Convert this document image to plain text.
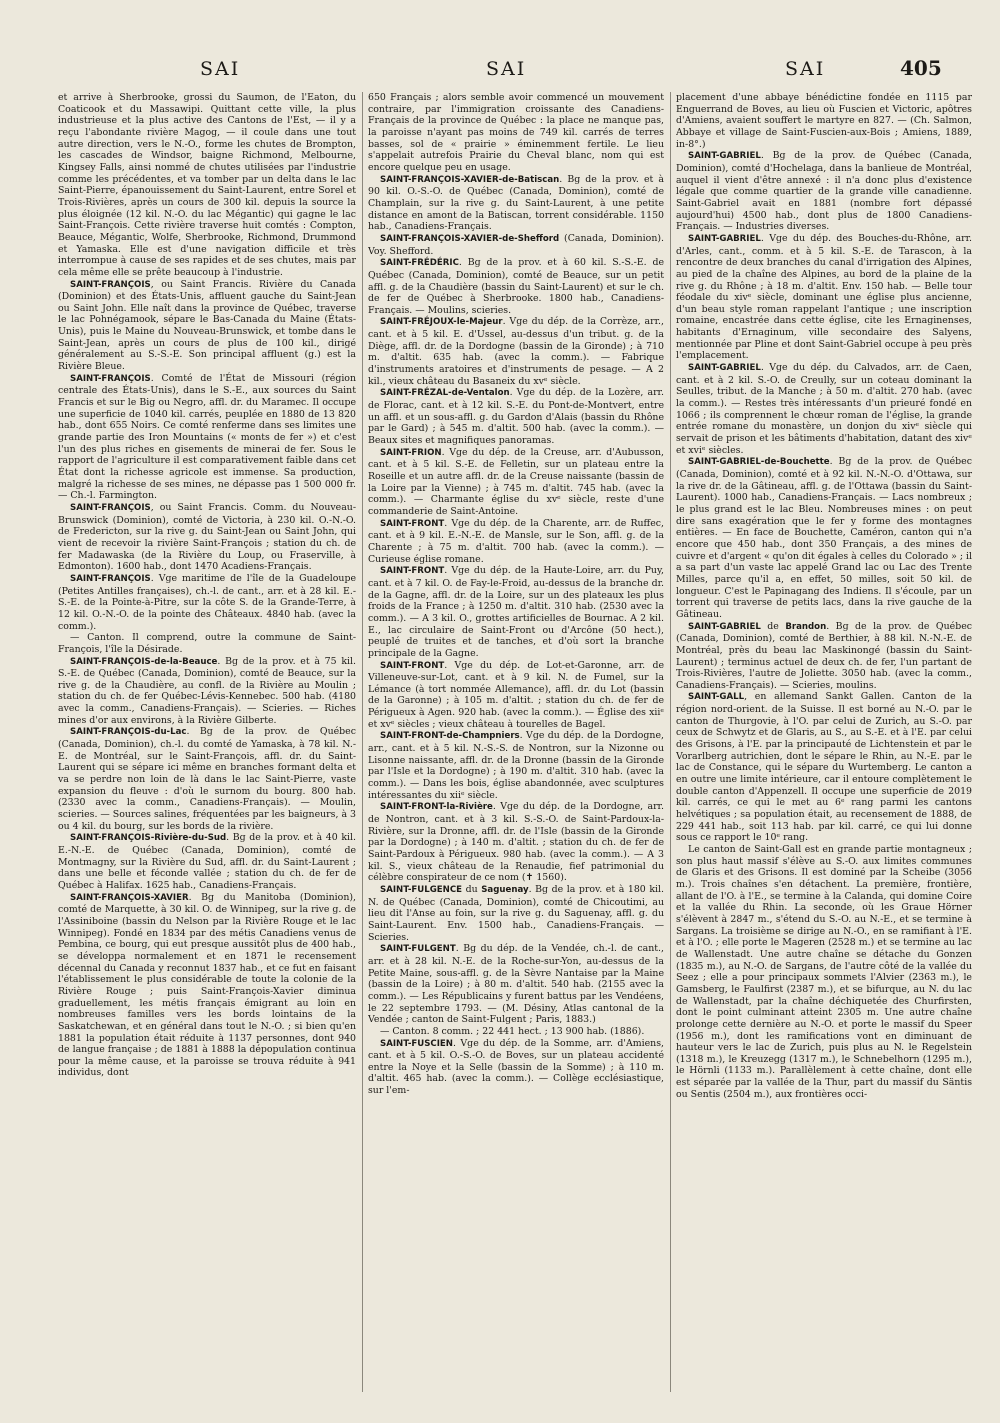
SAI	SAI	SAI	405

et arrive à Sherbrooke, grossi du Saumon, de l'Eaton, du Coaticook et du Massawipi. Quittant cette ville, la plus industrieuse et la plus active des Cantons de l'Est, — il y a reçu l'abondante rivière Magog, — il coule dans une tout autre direction, vers le N.-O., forme les chutes de Brompton, les cascades de Windsor, baigne Richmond, Melbourne, Kingsey Falls, ainsi nommé de chutes utilisées par l'industrie comme les précédentes, et va tomber par un delta dans le lac Saint-Pierre, épanouissement du Saint-Laurent, entre Sorel et Trois-Rivières, après un cours de 300 kil. depuis la source la plus éloignée (12 kil. N.-O. du lac Mégantic) qui gagne le lac Saint-François. Cette rivière traverse huit comtés : Compton, Beauce, Mégantic, Wolfe, Sherbrooke, Richmond, Drummond et Yamaska. Elle est d'une navigation difficile et très interrompue à cause de ses rapides et de ses chutes, mais par cela même elle se prête beaucoup à l'industrie.

SAINT-FRANÇOIS, ou Saint Francis. Rivière du Canada (Dominion) et des États-Unis, affluent gauche du Saint-Jean ou Saint John. Elle naît dans la province de Québec, traverse le lac Pohnégamook, sépare le Bas-Canada du Maine (États-Unis), puis le Maine du Nouveau-Brunswick, et tombe dans le Saint-Jean, après un cours de plus de 100 kil., dirigé généralement au S.-S.-E. Son principal affluent (g.) est la Rivière Bleue.

SAINT-FRANÇOIS. Comté de l'État de Missouri (région centrale des États-Unis), dans le S.-E., aux sources du Saint Francis et sur le Big ou Negro, affl. dr. du Maramec. Il occupe une superficie de 1040 kil. carrés, peuplée en 1880 de 13 820 hab., dont 655 Noirs. Ce comté renferme dans ses limites une grande partie des Iron Mountains (« monts de fer ») et c'est l'un des plus riches en gisements de minerai de fer. Sous le rapport de l'agriculture il est comparativement faible dans cet État dont la richesse agricole est immense. Sa production, malgré la richesse de ses mines, ne dépasse pas 1 500 000 fr. — Ch.-l. Farmington.

SAINT-FRANÇOIS, ou Saint Francis. Comm. du Nouveau-Brunswick (Dominion), comté de Victoria, à 230 kil. O.-N.-O. de Fredericton, sur la rive g. du Saint-Jean ou Saint John, qui vient de recevoir la rivière Saint-François ; station du ch. de fer Madawaska (de la Rivière du Loup, ou Fraserville, à Edmonton). 1600 hab., dont 1470 Acadiens-Français.

SAINT-FRANÇOIS. Vge maritime de l'île de la Guadeloupe (Petites Antilles françaises), ch.-l. de cant., arr. et à 28 kil. E.-S.-E. de la Pointe-à-Pitre, sur la côte S. de la Grande-Terre, à 12 kil. O.-N.-O. de la pointe des Châteaux. 4840 hab. (avec la comm.).

— Canton. Il comprend, outre la commune de Saint-François, l'île la Désirade.

SAINT-FRANÇOIS-de-la-Beauce. Bg de la prov. et à 75 kil. S.-E. de Québec (Canada, Dominion), comté de Beauce, sur la rive g. de la Chaudière, au confl. de la Rivière au Moulin ; station du ch. de fer Québec-Lévis-Kennebec. 500 hab. (4180 avec la comm., Canadiens-Français). — Scieries. — Riches mines d'or aux environs, à la Rivière Gilberte.

SAINT-FRANÇOIS-du-Lac. Bg de la prov. de Québec (Canada, Dominion), ch.-l. du comté de Yamaska, à 78 kil. N.-E. de Montréal, sur le Saint-François, affl. dr. du Saint-Laurent qui se sépare ici même en branches formant delta et va se perdre non loin de là dans le lac Saint-Pierre, vaste expansion du fleuve : d'où le surnom du bourg. 800 hab. (2330 avec la comm., Canadiens-Français). — Moulin, scieries. — Sources salines, fréquentées par les baigneurs, à 3 ou 4 kil. du bourg, sur les bords de la rivière.

SAINT-FRANÇOIS-Rivière-du-Sud. Bg de la prov. et à 40 kil. E.-N.-E. de Québec (Canada, Dominion), comté de Montmagny, sur la Rivière du Sud, affl. dr. du Saint-Laurent ; dans une belle et féconde vallée ; station du ch. de fer de Québec à Halifax. 1625 hab., Canadiens-Français.

SAINT-FRANÇOIS-XAVIER. Bg du Manitoba (Dominion), comté de Marquette, à 30 kil. O. de Winnipeg, sur la rive g. de l'Assiniboine (bassin du Nelson par la Rivière Rouge et le lac Winnipeg). Fondé en 1834 par des métis Canadiens venus de Pembina, ce bourg, qui eut presque aussitôt plus de 400 hab., se développa normalement et en 1871 le recensement décennal du Canada y reconnut 1837 hab., et ce fut en faisant l'établissement le plus considérable de toute la colonie de la Rivière Rouge ; puis Saint-François-Xavier diminua graduellement, les métis français émigrant au loin en nombreuses familles vers les bords lointains de la Saskatchewan, et en général dans tout le N.-O. ; si bien qu'en 1881 la population était réduite à 1137 personnes, dont 940 de langue française ; de 1881 à 1888 la dépopulation continua pour la même cause, et la paroisse se trouva réduite à 941 individus, dont

650 Français ; alors semble avoir commencé un mouvement contraire, par l'immigration croissante des Canadiens-Français de la province de Québec : la place ne manque pas, la paroisse n'ayant pas moins de 749 kil. carrés de terres basses, sol de « prairie » éminemment fertile. Le lieu s'appelait autrefois Prairie du Cheval blanc, nom qui est encore quelque peu en usage.

SAINT-FRANÇOIS-XAVIER-de-Batiscan. Bg de la prov. et à 90 kil. O.-S.-O. de Québec (Canada, Dominion), comté de Champlain, sur la rive g. du Saint-Laurent, à une petite distance en amont de la Batiscan, torrent considérable. 1150 hab., Canadiens-Français.

SAINT-FRANÇOIS-XAVIER-de-Shefford (Canada, Dominion). Voy. Shefford.

SAINT-FRÉDÉRIC. Bg de la prov. et à 60 kil. S.-S.-E. de Québec (Canada, Dominion), comté de Beauce, sur un petit affl. g. de la Chaudière (bassin du Saint-Laurent) et sur le ch. de fer de Québec à Sherbrooke. 1800 hab., Canadiens-Français. — Moulins, scieries.

SAINT-FRÉJOUX-le-Majeur. Vge du dép. de la Corrèze, arr., cant. et à 5 kil. E. d'Ussel, au-dessus d'un tribut. g. de la Diège, affl. dr. de la Dordogne (bassin de la Gironde) ; à 710 m. d'altit. 635 hab. (avec la comm.). — Fabrique d'instruments aratoires et d'instruments de pesage. — A 2 kil., vieux château du Basaneix du xvᵉ siècle.

SAINT-FRÉZAL-de-Ventalon. Vge du dép. de la Lozère, arr. de Florac, cant. et à 12 kil. S.-E. du Pont-de-Montvert, entre un affl. et un sous-affl. g. du Gardon d'Alais (bassin du Rhône par le Gard) ; à 545 m. d'altit. 500 hab. (avec la comm.). — Beaux sites et magnifiques panoramas.

SAINT-FRION. Vge du dép. de la Creuse, arr. d'Aubusson, cant. et à 5 kil. S.-E. de Felletin, sur un plateau entre la Roseille et un autre affl. dr. de la Creuse naissante (bassin de la Loire par la Vienne) ; à 745 m. d'altit. 745 hab. (avec la comm.). — Charmante église du xvᵉ siècle, reste d'une commanderie de Saint-Antoine.

SAINT-FRONT. Vge du dép. de la Charente, arr. de Ruffec, cant. et à 9 kil. E.-N.-E. de Mansle, sur le Son, affl. g. de la Charente ; à 75 m. d'altit. 700 hab. (avec la comm.). — Curieuse église romane.

SAINT-FRONT. Vge du dép. de la Haute-Loire, arr. du Puy, cant. et à 7 kil. O. de Fay-le-Froid, au-dessus de la branche dr. de la Gagne, affl. dr. de la Loire, sur un des plateaux les plus froids de la France ; à 1250 m. d'altit. 310 hab. (2530 avec la comm.). — A 3 kil. O., grottes artificielles de Bournac. A 2 kil. E., lac circulaire de Saint-Front ou d'Arcône (50 hect.), peuplé de truites et de tanches, et d'où sort la branche principale de la Gagne.

SAINT-FRONT. Vge du dép. de Lot-et-Garonne, arr. de Villeneuve-sur-Lot, cant. et à 9 kil. N. de Fumel, sur la Lémance (à tort nommée Allemance), affl. dr. du Lot (bassin de la Garonne) ; à 105 m. d'altit. ; station du ch. de fer de Périgueux à Agen. 920 hab. (avec la comm.). — Église des xiiᵉ et xvᵉ siècles ; vieux château à tourelles de Bagel.

SAINT-FRONT-de-Champniers. Vge du dép. de la Dordogne, arr., cant. et à 5 kil. N.-S.-S. de Nontron, sur la Nizonne ou Lisonne naissante, affl. dr. de la Dronne (bassin de la Gironde par l'Isle et la Dordogne) ; à 190 m. d'altit. 310 hab. (avec la comm.). — Dans les bois, église abandonnée, avec sculptures intéressantes du xiiᵉ siècle.

SAINT-FRONT-la-Rivière. Vge du dép. de la Dordogne, arr. de Nontron, cant. et à 3 kil. S.-S.-O. de Saint-Pardoux-la-Rivière, sur la Dronne, affl. dr. de l'Isle (bassin de la Gironde par la Dordogne) ; à 140 m. d'altit. ; station du ch. de fer de Saint-Pardoux à Périgueux. 980 hab. (avec la comm.). — A 3 kil. S., vieux château de la Renaudie, fief patrimonial du célèbre conspirateur de ce nom (✝ 1560).

SAINT-FULGENCE du Saguenay. Bg de la prov. et à 180 kil. N. de Québec (Canada, Dominion), comté de Chicoutimi, au lieu dit l'Anse au foin, sur la rive g. du Saguenay, affl. g. du Saint-Laurent. Env. 1500 hab., Canadiens-Français. — Scieries.

SAINT-FULGENT. Bg du dép. de la Vendée, ch.-l. de cant., arr. et à 28 kil. N.-E. de la Roche-sur-Yon, au-dessus de la Petite Maine, sous-affl. g. de la Sèvre Nantaise par la Maine (bassin de la Loire) ; à 80 m. d'altit. 540 hab. (2155 avec la comm.). — Les Républicains y furent battus par les Vendéens, le 22 septembre 1793. — (M. Désiny, Atlas cantonal de la Vendée ; canton de Saint-Fulgent ; Paris, 1883.)

— Canton. 8 comm. ; 22 441 hect. ; 13 900 hab. (1886).

SAINT-FUSCIEN. Vge du dép. de la Somme, arr. d'Amiens, cant. et à 5 kil. O.-S.-O. de Boves, sur un plateau accidenté entre la Noye et la Selle (bassin de la Somme) ; à 110 m. d'altit. 465 hab. (avec la comm.). — Collège ecclésiastique, sur l'em-

placement d'une abbaye bénédictine fondée en 1115 par Enguerrand de Boves, au lieu où Fuscien et Victoric, apôtres d'Amiens, avaient souffert le martyre en 827. — (Ch. Salmon, Abbaye et village de Saint-Fuscien-aux-Bois ; Amiens, 1889, in-8°.)

SAINT-GABRIEL. Bg de la prov. de Québec (Canada, Dominion), comté d'Hochelaga, dans la banlieue de Montréal, auquel il vient d'être annexé : il n'a donc plus d'existence légale que comme quartier de la grande ville canadienne. Saint-Gabriel avait en 1881 (nombre fort dépassé aujourd'hui) 4500 hab., dont plus de 1800 Canadiens-Français. — Industries diverses.

SAINT-GABRIEL. Vge du dép. des Bouches-du-Rhône, arr. d'Arles, cant., comm. et à 5 kil. S.-E. de Tarascon, à la rencontre de deux branches du canal d'irrigation des Alpines, au pied de la chaîne des Alpines, au bord de la plaine de la rive g. du Rhône ; à 18 m. d'altit. Env. 150 hab. — Belle tour féodale du xivᵉ siècle, dominant une église plus ancienne, d'un beau style roman rappelant l'antique ; une inscription romaine, encastrée dans cette église, cite les Ernaginenses, habitants d'Ernaginum, ville secondaire des Salyens, mentionnée par Pline et dont Saint-Gabriel occupe à peu près l'emplacement.

SAINT-GABRIEL. Vge du dép. du Calvados, arr. de Caen, cant. et à 2 kil. S.-O. de Creully, sur un coteau dominant la Seulles, tribut. de la Manche ; à 50 m. d'altit. 270 hab. (avec la comm.). — Restes très intéressants d'un prieuré fondé en 1066 ; ils comprennent le chœur roman de l'église, la grande entrée romane du monastère, un donjon du xivᵉ siècle qui servait de prison et les bâtiments d'habitation, datant des xivᵉ et xviᵉ siècles.

SAINT-GABRIEL-de-Bouchette. Bg de la prov. de Québec (Canada, Dominion), comté et à 92 kil. N.-N.-O. d'Ottawa, sur la rive dr. de la Gâtineau, affl. g. de l'Ottawa (bassin du Saint-Laurent). 1000 hab., Canadiens-Français. — Lacs nombreux ; le plus grand est le lac Bleu. Nombreuses mines : on peut dire sans exagération que le fer y forme des montagnes entières. — En face de Bouchette, Caméron, canton qui n'a encore que 450 hab., dont 350 Français, a des mines de cuivre et d'argent « qu'on dit égales à celles du Colorado » ; il a sa part d'un vaste lac appelé Grand lac ou Lac des Trente Milles, parce qu'il a, en effet, 50 milles, soit 50 kil. de longueur. C'est le Papinagang des Indiens. Il s'écoule, par un torrent qui traverse de petits lacs, dans la rive gauche de la Gâtineau.

SAINT-GABRIEL de Brandon. Bg de la prov. de Québec (Canada, Dominion), comté de Berthier, à 88 kil. N.-N.-E. de Montréal, près du beau lac Maskinongé (bassin du Saint-Laurent) ; terminus actuel de deux ch. de fer, l'un partant de Trois-Rivières, l'autre de Joliette. 3050 hab. (avec la comm., Canadiens-Français). — Scieries, moulins.

SAINT-GALL, en allemand Sankt Gallen. Canton de la région nord-orient. de la Suisse. Il est borné au N.-O. par le canton de Thurgovie, à l'O. par celui de Zurich, au S.-O. par ceux de Schwytz et de Glaris, au S., au S.-E. et à l'E. par celui des Grisons, à l'E. par la principauté de Lichtenstein et par le Vorarlberg autrichien, dont le sépare le Rhin, au N.-E. par le lac de Constance, qui le sépare du Wurtemberg. Le canton a en outre une limite intérieure, car il entoure complètement le double canton d'Appenzell. Il occupe une superficie de 2019 kil. carrés, ce qui le met au 6ᵉ rang parmi les cantons helvétiques ; sa population était, au recensement de 1888, de 229 441 hab., soit 113 hab. par kil. carré, ce qui lui donne sous ce rapport le 10ᵉ rang.

Le canton de Saint-Gall est en grande partie montagneux ; son plus haut massif s'élève au S.-O. aux limites communes de Glaris et des Grisons. Il est dominé par la Scheibe (3056 m.). Trois chaînes s'en détachent. La première, frontière, allant de l'O. à l'E., se termine à la Calanda, qui domine Coire et la vallée du Rhin. La seconde, où les Graue Hörner s'élèvent à 2847 m., s'étend du S.-O. au N.-E., et se termine à Sargans. La troisième se dirige au N.-O., en se ramifiant à l'E. et à l'O. ; elle porte le Mageren (2528 m.) et se termine au lac de Wallenstadt. Une autre chaîne se détache du Gonzen (1835 m.), au N.-O. de Sargans, de l'autre côté de la vallée du Seez ; elle a pour principaux sommets l'Alvier (2363 m.), le Gamsberg, le Faulfirst (2387 m.), et se bifurque, au N. du lac de Wallenstadt, par la chaîne déchiquetée des Churfirsten, dont le point culminant atteint 2305 m. Une autre chaîne prolonge cette dernière au N.-O. et porte le massif du Speer (1956 m.), dont les ramifications vont en diminuant de hauteur vers le lac de Zurich, puis plus au N. le Regelstein (1318 m.), le Kreuzegg (1317 m.), le Schnebelhorn (1295 m.), le Hörnli (1133 m.). Parallèlement à cette chaîne, dont elle est séparée par la vallée de la Thur, part du massif du Säntis ou Sentis (2504 m.), aux frontières occi-
